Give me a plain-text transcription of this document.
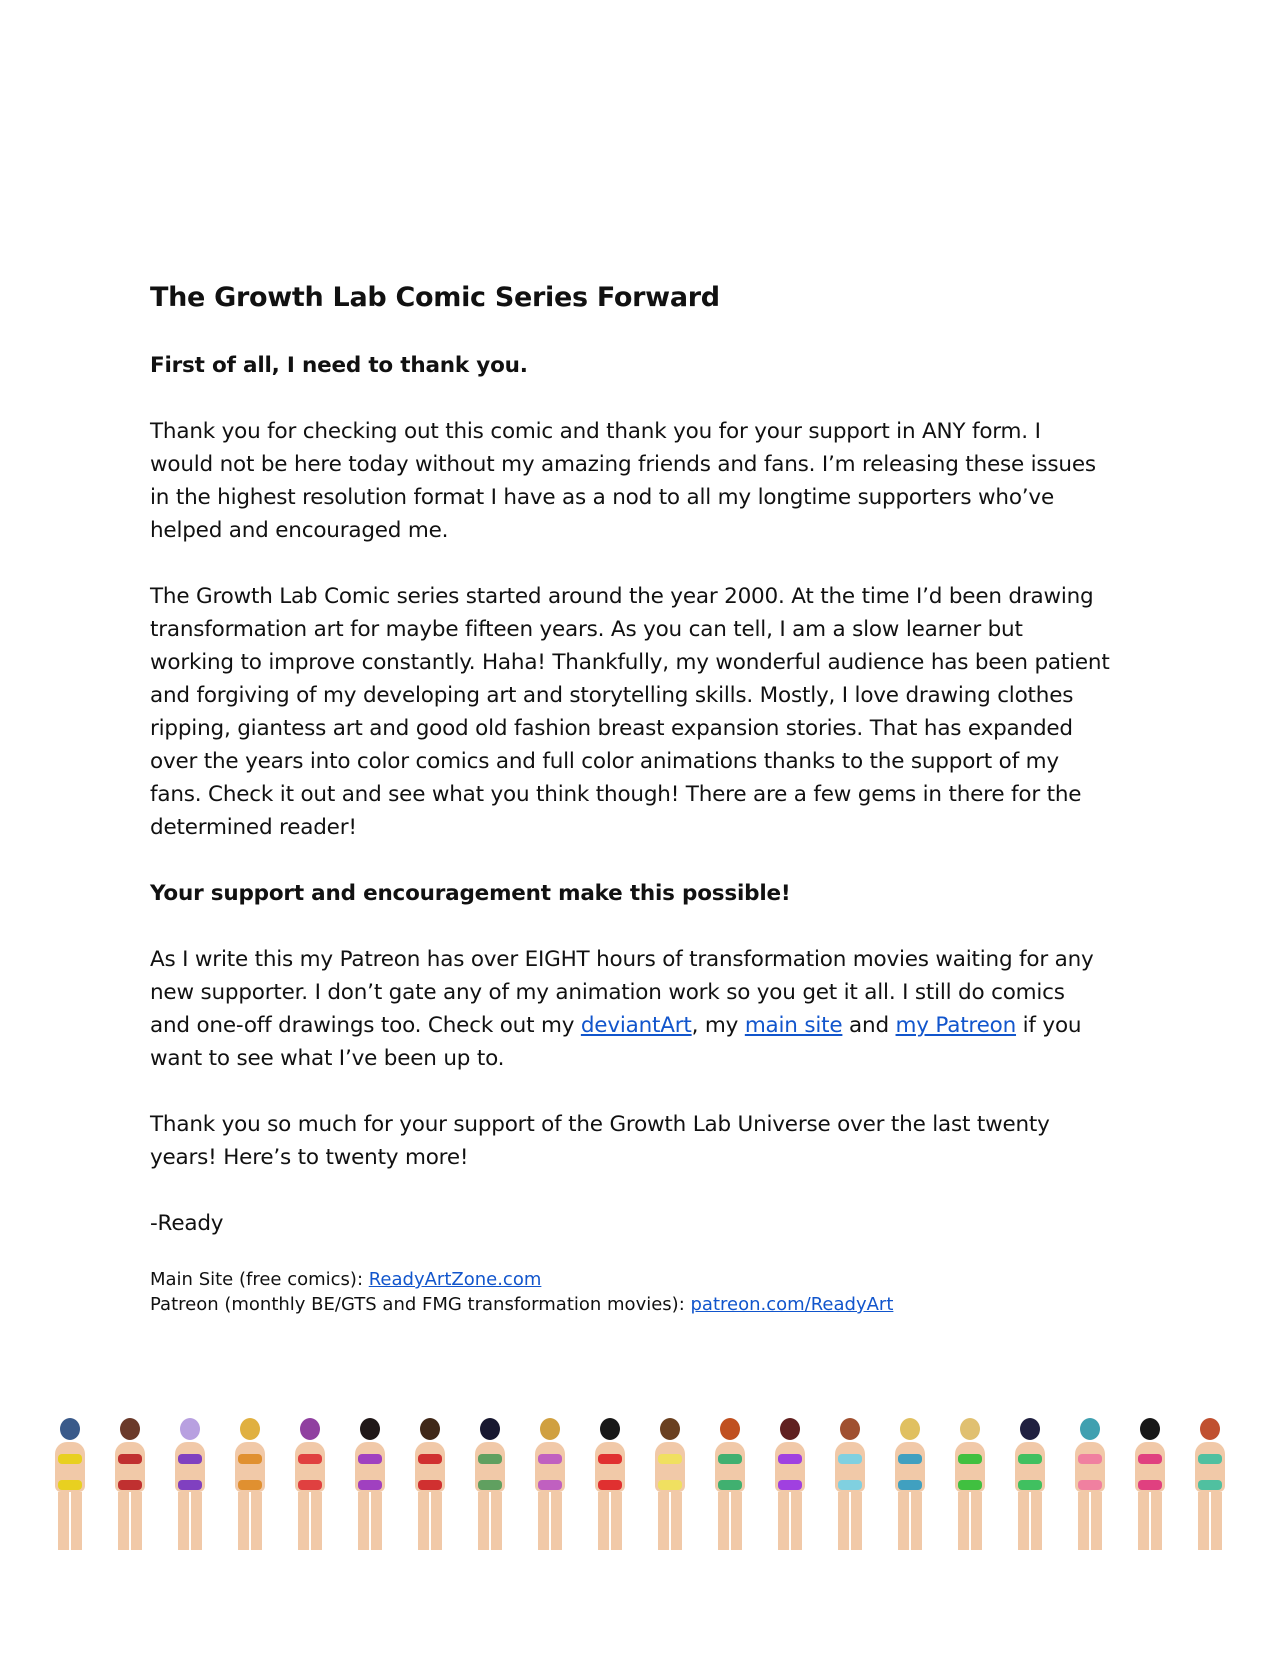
The Growth Lab Comic Series Forward

First of all, I need to thank you.

Thank you for checking out this comic and thank you for your support in ANY form. I would not be here today without my amazing friends and fans. I’m releasing these issues in the highest resolution format I have as a nod to all my longtime supporters who’ve helped and encouraged me.

The Growth Lab Comic series started around the year 2000. At the time I’d been drawing transformation art for maybe fifteen years. As you can tell, I am a slow learner but working to improve constantly. Haha! Thankfully, my wonderful audience has been patient and forgiving of my developing art and storytelling skills. Mostly, I love drawing clothes ripping, giantess art and good old fashion breast expansion stories. That has expanded over the years into color comics and full color animations thanks to the support of my fans. Check it out and see what you think though! There are a few gems in there for the determined reader!

Your support and encouragement make this possible!

As I write this my Patreon has over EIGHT hours of transformation movies waiting for any new supporter. I don’t gate any of my animation work so you get it all. I still do comics and one-off drawings too. Check out my deviantArt, my main site and my Patreon if you want to see what I’ve been up to.

Thank you so much for your support of the Growth Lab Universe over the last twenty years! Here’s to twenty more!

-Ready

Main Site (free comics): ReadyArtZone.com
Patreon (monthly BE/GTS and FMG transformation movies): patreon.com/ReadyArt
